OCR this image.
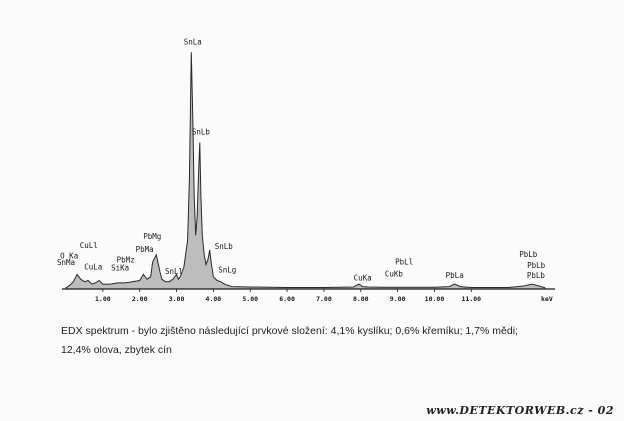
1.00	2.00	3.00	4.00	5.00	6.00	7.00	8.00	9.00	10.00	11.00	keV
SnLa
SnLb
PbMg
PbMa
PbMz
SiKa
CuLl
O Ka
CuLa
SnMa
SnLl
SnLb
SnLg
CuKa CuKb
PbLl
PbLa
PbLb
PbLb
PbLb
EDX spektrum - bylo zjištěno následující prvkové složení: 4,1% kyslíku; 0,6% křemíku; 1,7% mědi;
12,4% olova, zbytek cín
www.DETEKTORWEB.cz - 02
